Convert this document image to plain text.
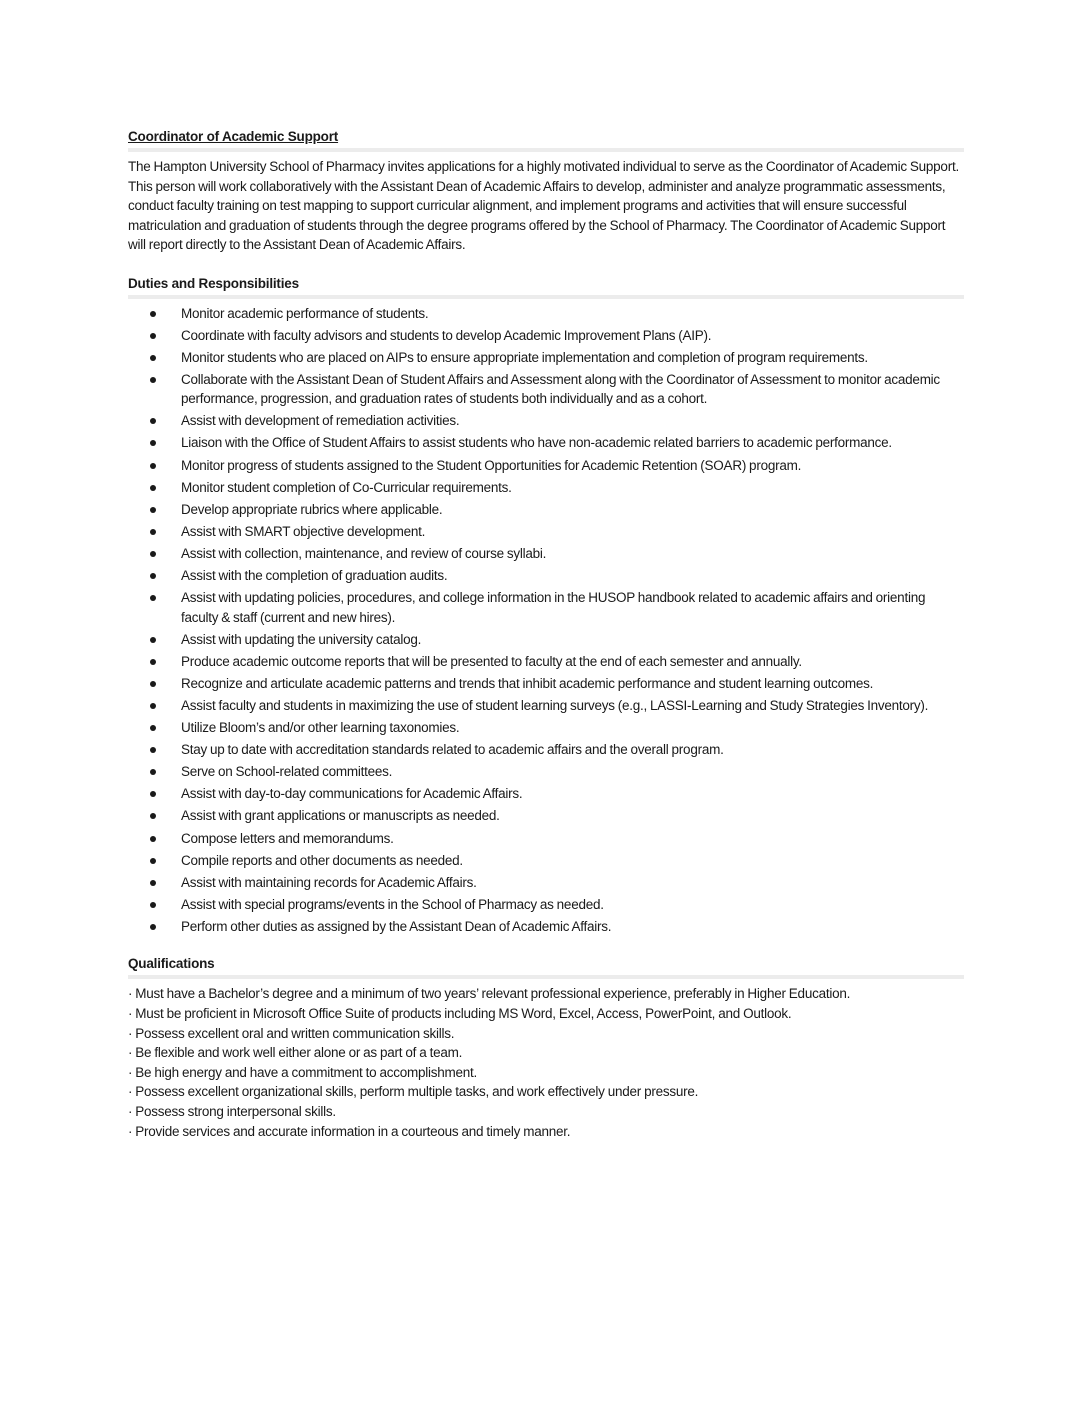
Coordinator of Academic Support

The Hampton University School of Pharmacy invites applications for a highly motivated individual to serve as the Coordinator of Academic Support. This person will work collaboratively with the Assistant Dean of Academic Affairs to develop, administer and analyze programmatic assessments, conduct faculty training on test mapping to support curricular alignment, and implement programs and activities that will ensure successful matriculation and graduation of students through the degree programs offered by the School of Pharmacy. The Coordinator of Academic Support will report directly to the Assistant Dean of Academic Affairs.

Duties and Responsibilities
Monitor academic performance of students.
Coordinate with faculty advisors and students to develop Academic Improvement Plans (AIP).
Monitor students who are placed on AIPs to ensure appropriate implementation and completion of program requirements.
Collaborate with the Assistant Dean of Student Affairs and Assessment along with the Coordinator of Assessment to monitor academic performance, progression, and graduation rates of students both individually and as a cohort.
Assist with development of remediation activities.
Liaison with the Office of Student Affairs to assist students who have non-academic related barriers to academic performance.
Monitor progress of students assigned to the Student Opportunities for Academic Retention (SOAR) program.
Monitor student completion of Co-Curricular requirements.
Develop appropriate rubrics where applicable.
Assist with SMART objective development.
Assist with collection, maintenance, and review of course syllabi.
Assist with the completion of graduation audits.
Assist with updating policies, procedures, and college information in the HUSOP handbook related to academic affairs and orienting faculty & staff (current and new hires).
Assist with updating the university catalog.
Produce academic outcome reports that will be presented to faculty at the end of each semester and annually.
Recognize and articulate academic patterns and trends that inhibit academic performance and student learning outcomes.
Assist faculty and students in maximizing the use of student learning surveys (e.g., LASSI-Learning and Study Strategies Inventory).
Utilize Bloom’s and/or other learning taxonomies.
Stay up to date with accreditation standards related to academic affairs and the overall program.
Serve on School-related committees.
Assist with day-to-day communications for Academic Affairs.
Assist with grant applications or manuscripts as needed.
Compose letters and memorandums.
Compile reports and other documents as needed.
Assist with maintaining records for Academic Affairs.
Assist with special programs/events in the School of Pharmacy as needed.
Perform other duties as assigned by the Assistant Dean of Academic Affairs.
Qualifications
· Must have a Bachelor’s degree and a minimum of two years’ relevant professional experience, preferably in Higher Education.
· Must be proficient in Microsoft Office Suite of products including MS Word, Excel, Access, PowerPoint, and Outlook.
· Possess excellent oral and written communication skills.
· Be flexible and work well either alone or as part of a team.
· Be high energy and have a commitment to accomplishment.
· Possess excellent organizational skills, perform multiple tasks, and work effectively under pressure.
· Possess strong interpersonal skills.
· Provide services and accurate information in a courteous and timely manner.
